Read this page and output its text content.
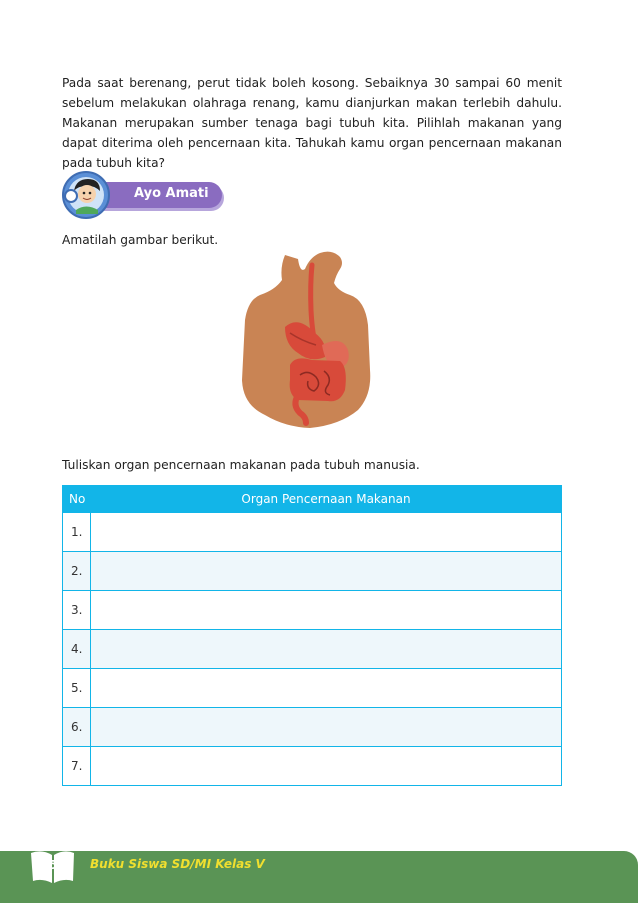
Pada saat berenang, perut tidak boleh kosong. Sebaiknya 30 sampai 60 menit sebelum melakukan olahraga renang, kamu dianjurkan makan terlebih dahulu. Makanan merupakan sumber tenaga bagi tubuh kita. Pilihlah makanan yang dapat diterima oleh pencernaan kita. Tahukah kamu organ pencernaan makanan pada tubuh kita?

Ayo Amati

Amatilah gambar berikut.

Tuliskan organ pencernaan makanan pada tubuh manusia.

No	Organ Pencernaan Makanan
1.	
2.	
3.	
4.	
5.	
6.	
7.	
54 Buku Siswa SD/MI Kelas V
